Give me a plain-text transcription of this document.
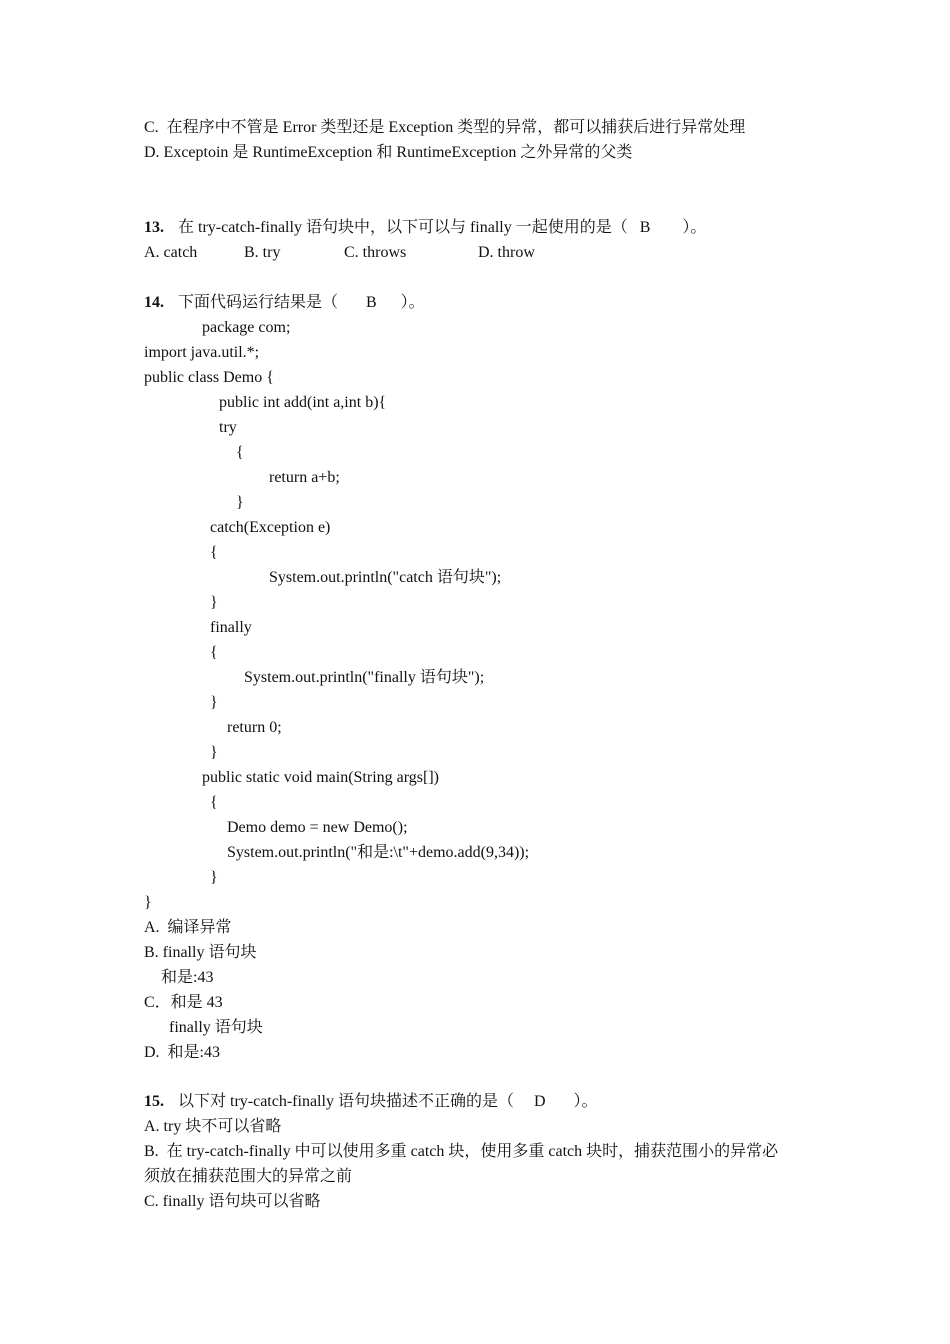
C.  在程序中不管是 Error 类型还是 Exception 类型的异常，都可以捕获后进行异常处理
D. Exceptoin 是 RuntimeException 和 RuntimeException 之外异常的父类
13. 在 try-catch-finally 语句块中，以下可以与 finally 一起使用的是（   B        ）。
A. catch	B. try	C. throws	D. throw
14. 下面代码运行结果是（       B      ）。
package com;
import java.util.*;
public class Demo {
public int add(int a,int b){
try
{
return a+b;
}
catch(Exception e)
{
System.out.println("catch 语句块");
}
finally
{
System.out.println("finally 语句块");
}
return 0;
}
public static void main(String args[])
{
Demo demo = new Demo();
System.out.println("和是:\t"+demo.add(9,34));
}
}
A.  编译异常
B. finally 语句块
和是:43
C．和是 43
finally 语句块
D.  和是:43
15. 以下对 try-catch-finally 语句块描述不正确的是（     D       ）。
A. try 块不可以省略
B.  在 try-catch-finally 中可以使用多重 catch 块，使用多重 catch 块时，捕获范围小的异常必
须放在捕获范围大的异常之前
C. finally 语句块可以省略
